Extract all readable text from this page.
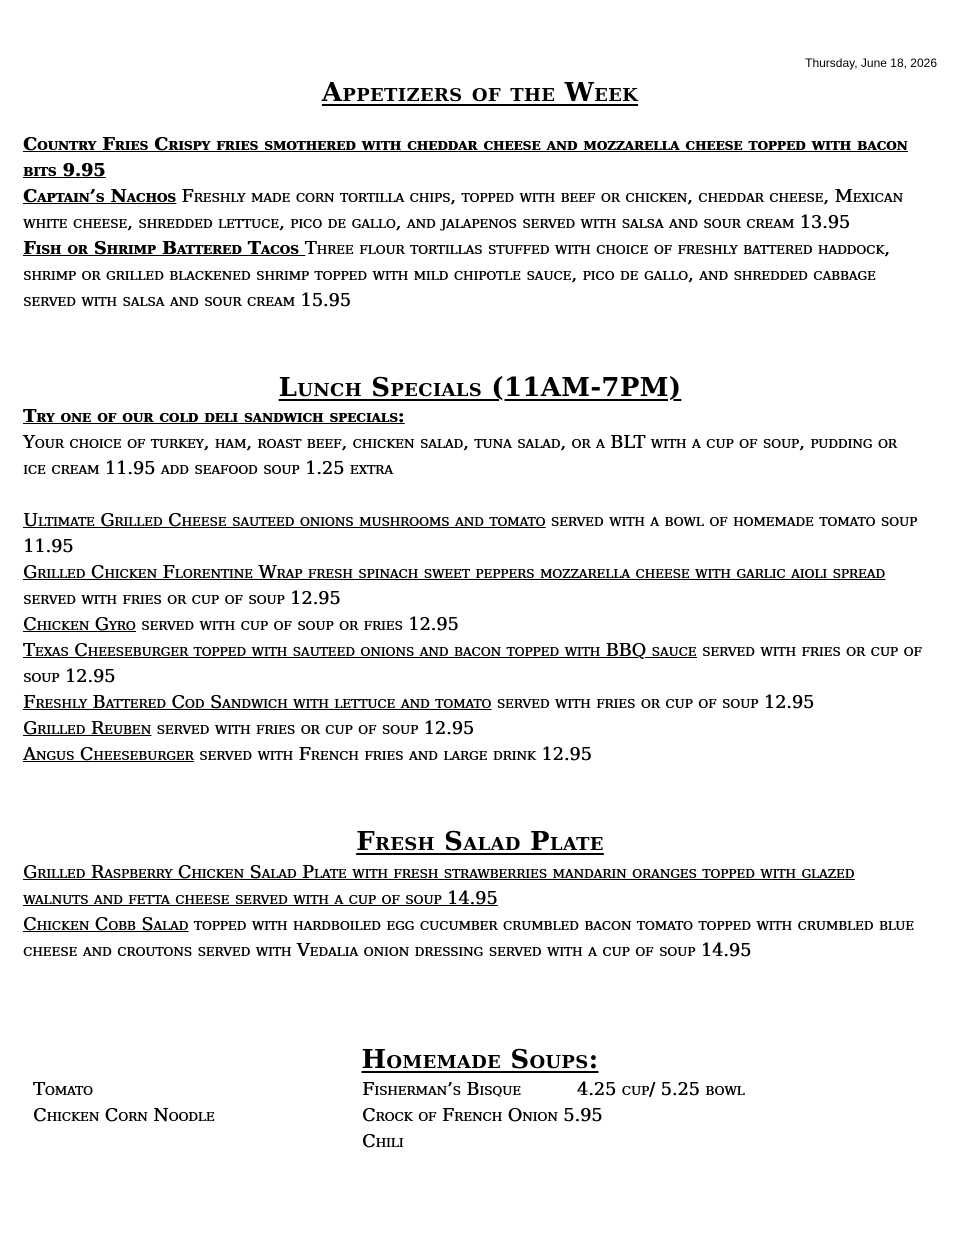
Thursday, June 18, 2026
Appetizers of the Week

Country Fries Crispy fries smothered with cheddar cheese and mozzarella cheese topped with bacon bits 9.95

Captain’s Nachos Freshly made corn tortilla chips, topped with beef or chicken, cheddar cheese, Mexican white cheese, shredded lettuce, pico de gallo, and jalapenos served with salsa and sour cream 13.95

Fish or Shrimp Battered Tacos Three flour tortillas stuffed with choice of freshly battered haddock, shrimp or grilled blackened shrimp topped with mild chipotle sauce, pico de gallo, and shredded cabbage served with salsa and sour cream 15.95

Lunch Specials (11AM-7PM)

Try one of our cold deli sandwich specials:

Your choice of turkey, ham, roast beef, chicken salad, tuna salad, or a BLT with a cup of soup, pudding or ice cream 11.95 add seafood soup 1.25 extra

Ultimate Grilled Cheese sauteed onions mushrooms and tomato served with a bowl of homemade tomato soup 11.95

Grilled Chicken Florentine Wrap fresh spinach sweet peppers mozzarella cheese with garlic aioli spread served with fries or cup of soup 12.95

Chicken Gyro served with cup of soup or fries 12.95

Texas Cheeseburger topped with sauteed onions and bacon topped with BBQ sauce served with fries or cup of soup 12.95

Freshly Battered Cod Sandwich with lettuce and tomato served with fries or cup of soup 12.95

Grilled Reuben served with fries or cup of soup 12.95

Angus Cheeseburger served with French fries and large drink 12.95

Fresh Salad Plate

Grilled Raspberry Chicken Salad Plate with fresh strawberries mandarin oranges topped with glazed walnuts and fetta cheese served with a cup of soup 14.95

Chicken Cobb Salad topped with hardboiled egg cucumber crumbled bacon tomato topped with crumbled blue cheese and croutons served with Vedalia onion dressing served with a cup of soup 14.95

Homemade Soups:
Tomato
Chicken Corn Noodle
Fisherman’s Bisque	4.25 cup/ 5.25 bowl
Crock of French Onion 5.95
Chili
